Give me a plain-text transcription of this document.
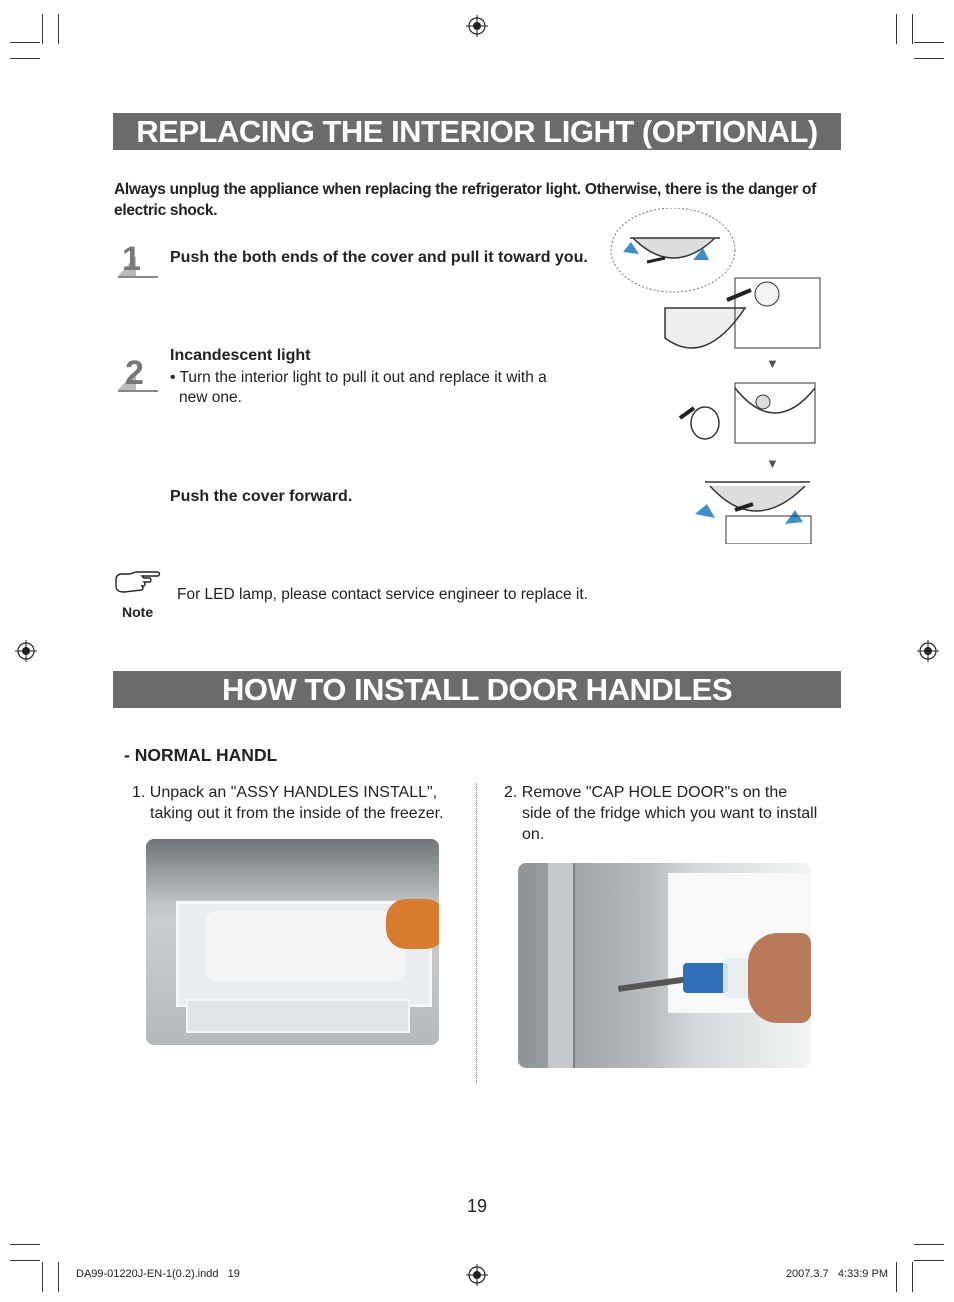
REPLACING THE INTERIOR LIGHT (OPTIONAL)
Always unplug the appliance when replacing the refrigerator light. Otherwise, there is the danger of electric shock.
1 Push the both ends of the cover and pull it toward you.
2 Incandescent light
• Turn the interior light to pull it out and replace it with a
new one.
Push the cover forward.
▼
▼
Note
For LED lamp, please contact service engineer to replace it.
HOW TO INSTALL DOOR HANDLES
- NORMAL HANDL
1. Unpack an "ASSY HANDLES INSTALL",
taking out it from the inside of the freezer.
2. Remove "CAP HOLE DOOR"s on the
side of the fridge which you want to install
on.
19
DA99-01220J-EN-1(0.2).indd   19	2007.3.7   4:33:9 PM
